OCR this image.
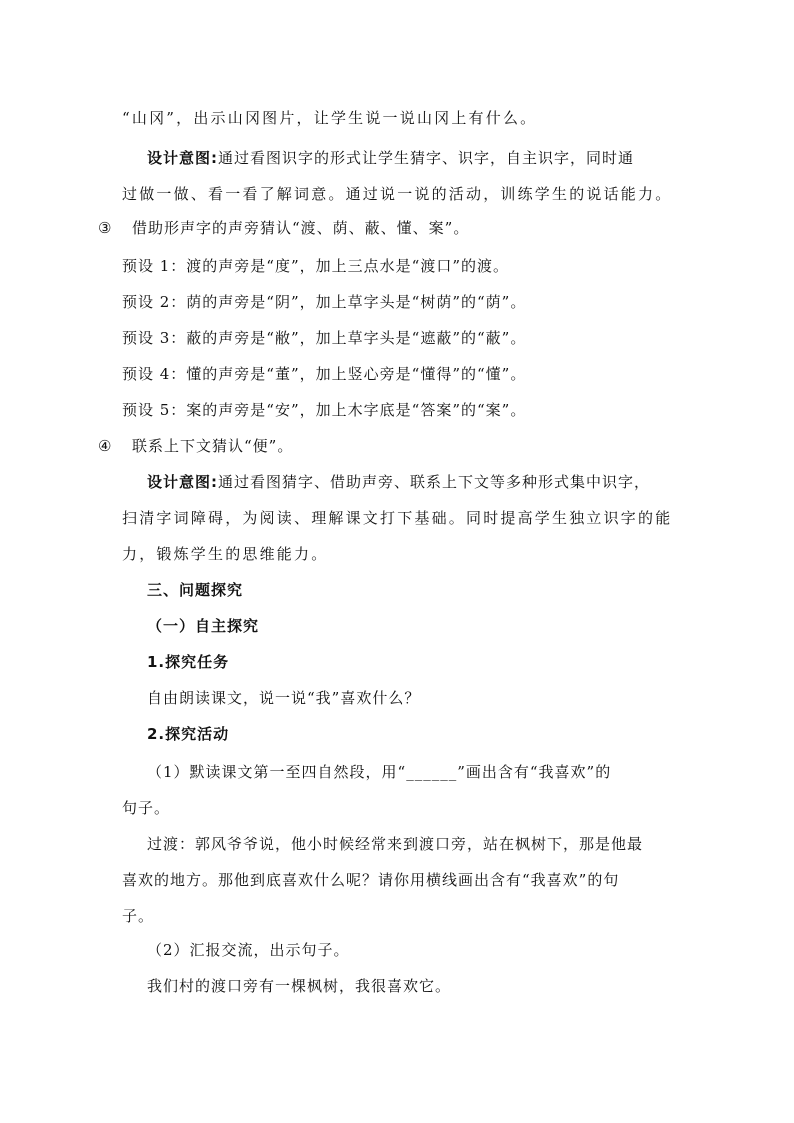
“山冈”，出示山冈图片，让学生说一说山冈上有什么。
设计意图:通过看图识字的形式让学生猜字、识字，自主识字，同时通
过做一做、看一看了解词意。通过说一说的活动，训练学生的说话能力。
③ 借助形声字的声旁猜认“渡、荫、蔽、懂、案”。
预设 1：渡的声旁是“度”，加上三点水是“渡口”的渡。
预设 2：荫的声旁是“阴”，加上草字头是“树荫”的“荫”。
预设 3：蔽的声旁是“敝”，加上草字头是“遮蔽”的“蔽”。
预设 4：懂的声旁是“董”，加上竖心旁是“懂得”的“懂”。
预设 5：案的声旁是“安”，加上木字底是“答案”的“案”。
④ 联系上下文猜认“便”。
设计意图:通过看图猜字、借助声旁、联系上下文等多种形式集中识字，
扫清字词障碍，为阅读、理解课文打下基础。同时提高学生独立识字的能
力，锻炼学生的思维能力。
三、问题探究
（一）自主探究
1.探究任务
自由朗读课文，说一说“我”喜欢什么？
2.探究活动
（1）默读课文第一至四自然段，用“______”画出含有“我喜欢”的
句子。
过渡：郭风爷爷说，他小时候经常来到渡口旁，站在枫树下，那是他最
喜欢的地方。那他到底喜欢什么呢？请你用横线画出含有“我喜欢”的句
子。
（2）汇报交流，出示句子。
我们村的渡口旁有一棵枫树，我很喜欢它。
